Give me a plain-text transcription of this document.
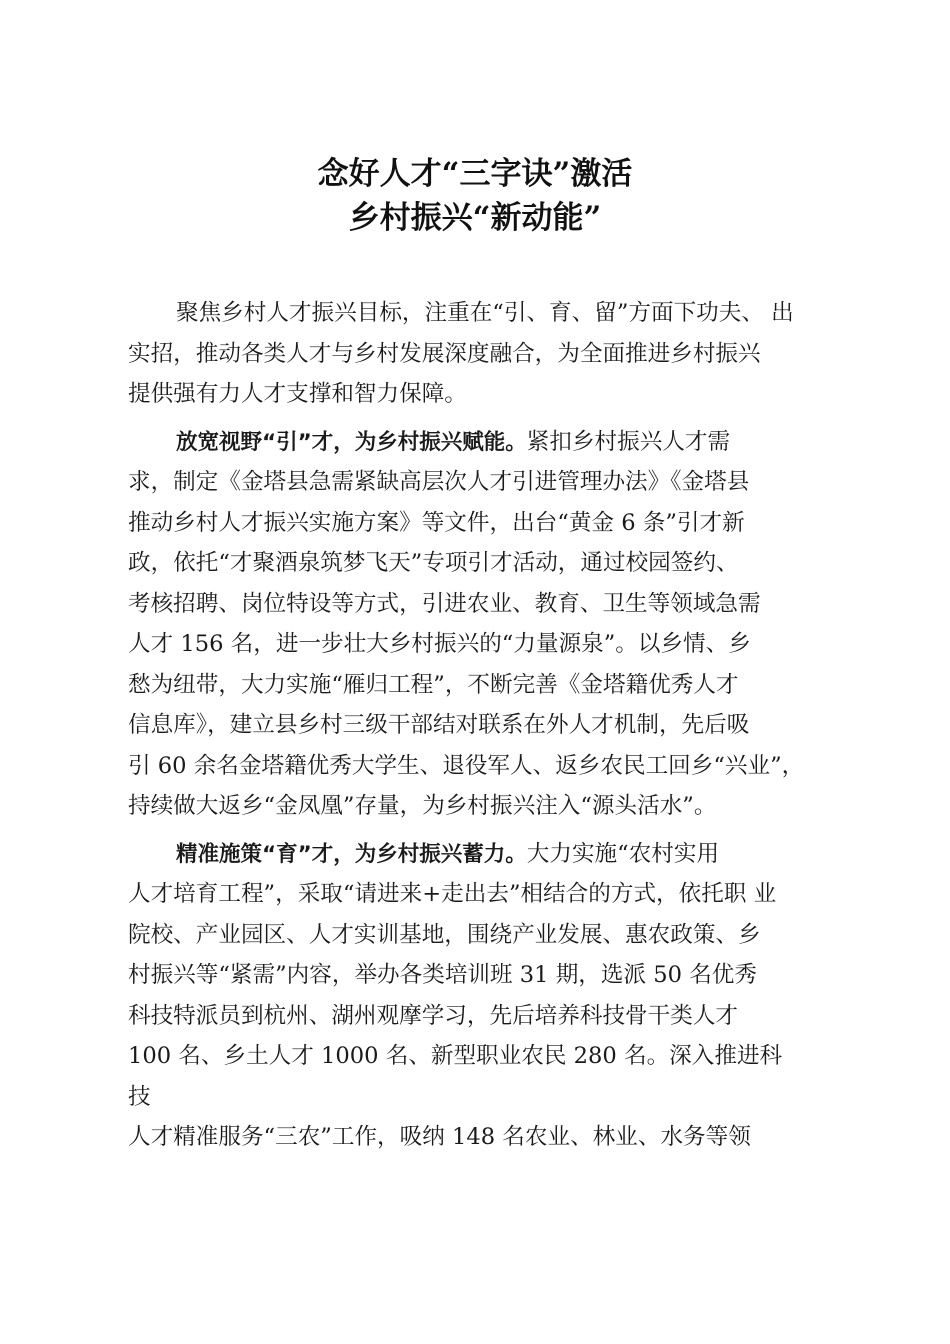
念好人才“三字诀”激活
乡村振兴“新动能”
聚焦乡村人才振兴目标，注重在“引、育、留”方面下功夫、 出
实招，推动各类人才与乡村发展深度融合，为全面推进乡村振兴
提供强有力人才支撑和智力保障。
放宽视野“引”才，为乡村振兴赋能。紧扣乡村振兴人才需
求，制定《金塔县急需紧缺高层次人才引进管理办法》《金塔县
推动乡村人才振兴实施方案》等文件，出台“黄金 6 条”引才新
政，依托“才聚酒泉筑梦飞天”专项引才活动，通过校园签约、
考核招聘、岗位特设等方式，引进农业、教育、卫生等领域急需
人才 156 名，进一步壮大乡村振兴的“力量源泉”。以乡情、乡
愁为纽带，大力实施“雁归工程”，不断完善《金塔籍优秀人才
信息库》，建立县乡村三级干部结对联系在外人才机制，先后吸
引 60 余名金塔籍优秀大学生、退役军人、返乡农民工回乡“兴业”，
持续做大返乡“金凤凰”存量，为乡村振兴注入“源头活水”。
精准施策“育”才，为乡村振兴蓄力。大力实施“农村实用
人才培育工程”，采取“请进来+走出去”相结合的方式，依托职 业
院校、产业园区、人才实训基地，围绕产业发展、惠农政策、乡
村振兴等“紧需”内容，举办各类培训班 31 期，选派 50 名优秀
科技特派员到杭州、湖州观摩学习，先后培养科技骨干类人才
100 名、乡土人才 1000 名、新型职业农民 280 名。深入推进科
技
人才精准服务“三农”工作，吸纳 148 名农业、林业、水务等领
